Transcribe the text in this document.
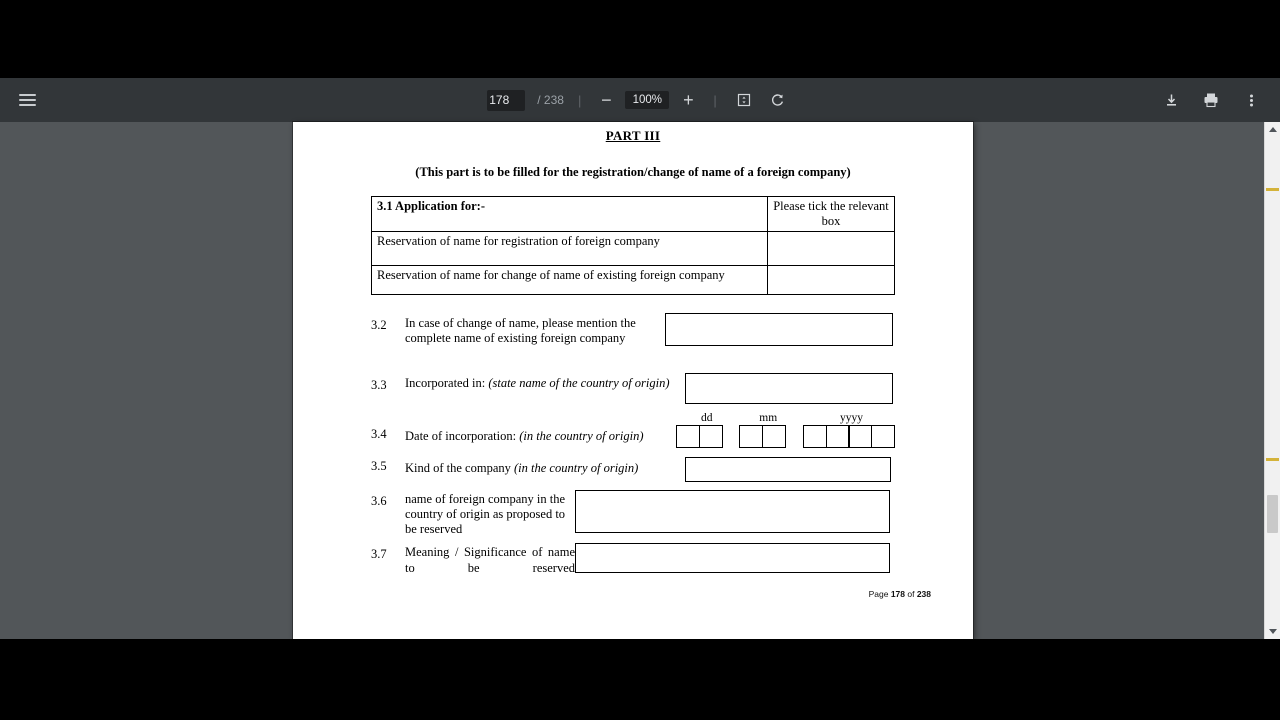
178
/ 238 |	−	100%	+	|
PART III
(This part is to be filled for the registration/change of name of a foreign company)
3.1 Application for:-	Please tick the relevant box
Reservation of name for registration of foreign company	
Reservation of name for change of name of existing foreign company	
3.2	In case of change of name, please mention the complete name of existing foreign company
3.3	Incorporated in: (state name of the country of origin)
dd	mm	yyyy
3.4	Date of incorporation: (in the country of origin)
3.5	Kind of the company (in the country of origin)
3.6	name of foreign company in the country of origin as proposed to be reserved
3.7	Meaning / Significance of name to be reserved
Page 178 of 238
